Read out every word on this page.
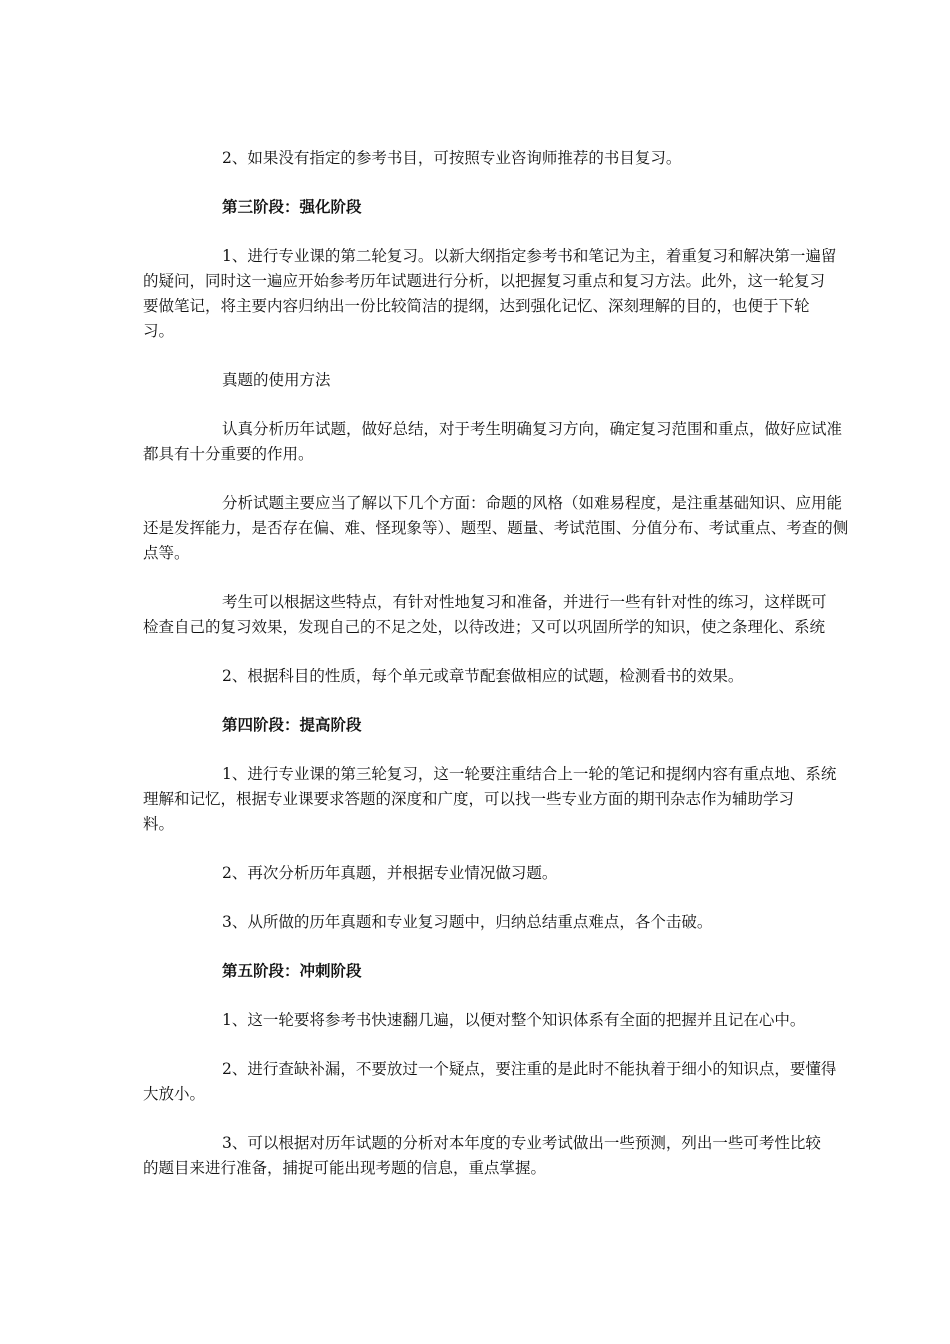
2、如果没有指定的参考书目，可按照专业咨询师推荐的书目复习。
第三阶段：强化阶段
1、进行专业课的第二轮复习。以新大纲指定参考书和笔记为主，着重复习和解决第一遍留
的疑问，同时这一遍应开始参考历年试题进行分析，以把握复习重点和复习方法。此外，这一轮复习
要做笔记，将主要内容归纳出一份比较简洁的提纲，达到强化记忆、深刻理解的目的，也便于下轮
习。
真题的使用方法
认真分析历年试题，做好总结，对于考生明确复习方向，确定复习范围和重点，做好应试准
都具有十分重要的作用。
分析试题主要应当了解以下几个方面：命题的风格（如难易程度，是注重基础知识、应用能
还是发挥能力，是否存在偏、难、怪现象等）、题型、题量、考试范围、分值分布、考试重点、考查的侧
点等。
考生可以根据这些特点，有针对性地复习和准备，并进行一些有针对性的练习，这样既可
检查自己的复习效果，发现自己的不足之处，以待改进；又可以巩固所学的知识，使之条理化、系统
2、根据科目的性质，每个单元或章节配套做相应的试题，检测看书的效果。
第四阶段：提高阶段
1、进行专业课的第三轮复习，这一轮要注重结合上一轮的笔记和提纲内容有重点地、系统
理解和记忆，根据专业课要求答题的深度和广度，可以找一些专业方面的期刊杂志作为辅助学习
料。
2、再次分析历年真题，并根据专业情况做习题。
3、从所做的历年真题和专业复习题中，归纳总结重点难点，各个击破。
第五阶段：冲刺阶段
1、这一轮要将参考书快速翻几遍，以便对整个知识体系有全面的把握并且记在心中。
2、进行查缺补漏，不要放过一个疑点，要注重的是此时不能执着于细小的知识点，要懂得
大放小。
3、可以根据对历年试题的分析对本年度的专业考试做出一些预测，列出一些可考性比较
的题目来进行准备，捕捉可能出现考题的信息，重点掌握。
